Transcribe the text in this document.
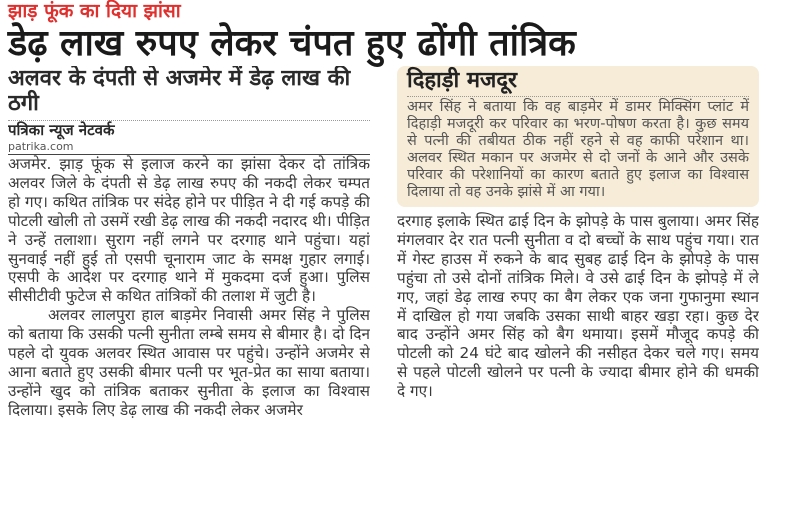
झाड़ फूंक का दिया झांसा
डेढ़ लाख रुपए लेकर चंपत हुए ढोंगी तांत्रिक
अलवर के दंपती से अजमेर में डेढ़ लाख की ठगी
पत्रिका न्यूज नेटवर्क
patrika.com

अजमेर. झाड़ फूंक से इलाज करने का झांसा देकर दो तांत्रिक अलवर जिले के दंपती से डेढ़ लाख रुपए की नकदी लेकर चम्पत हो गए। कथित तांत्रिक पर संदेह होने पर पीड़ित ने दी गई कपड़े की पोटली खोली तो उसमें रखी डेढ़ लाख की नकदी नदारद थी। पीड़ित ने उन्हें तलाशा। सुराग नहीं लगने पर दरगाह थाने पहुंचा। यहां सुनवाई नहीं हुई तो एसपी चूनाराम जाट के समक्ष गुहार लगाई। एसपी के आदेश पर दरगाह थाने में मुकदमा दर्ज हुआ। पुलिस सीसीटीवी फुटेज से कथित तांत्रिकों की तलाश में जुटी है।

अलवर लालपुरा हाल बाड़मेर निवासी अमर सिंह ने पुलिस को बताया कि उसकी पत्नी सुनीता लम्बे समय से बीमार है। दो दिन पहले दो युवक अलवर स्थित आवास पर पहुंचे। उन्होंने अजमेर से आना बताते हुए उसकी बीमार पत्नी पर भूत-प्रेत का साया बताया। उन्होंने खुद को तांत्रिक बताकर सुनीता के इलाज का विश्वास दिलाया। इसके लिए डेढ़ लाख की नकदी लेकर अजमेर

दिहाड़ी मजदूर
अमर सिंह ने बताया कि वह बाड़मेर में डामर मिक्सिंग प्लांट में दिहाड़ी मजदूरी कर परिवार का भरण-पोषण करता है। कुछ समय से पत्नी की तबीयत ठीक नहीं रहने से वह काफी परेशान था। अलवर स्थित मकान पर अजमेर से दो जनों के आने और उसके परिवार की परेशानियों का कारण बताते हुए इलाज का विश्वास दिलाया तो वह उनके झांसे में आ गया।

दरगाह इलाके स्थित ढाई दिन के झोपड़े के पास बुलाया। अमर सिंह मंगलवार देर रात पत्नी सुनीता व दो बच्चों के साथ पहुंच गया। रात में गेस्ट हाउस में रुकने के बाद सुबह ढाई दिन के झोपड़े के पास पहुंचा तो उसे दोनों तांत्रिक मिले। वे उसे ढाई दिन के झोपड़े में ले गए, जहां डेढ़ लाख रुपए का बैग लेकर एक जना गुफानुमा स्थान में दाखिल हो गया जबकि उसका साथी बाहर खड़ा रहा। कुछ देर बाद उन्होंने अमर सिंह को बैग थमाया। इसमें मौजूद कपड़े की पोटली को 24 घंटे बाद खोलने की नसीहत देकर चले गए। समय से पहले पोटली खोलने पर पत्नी के ज्यादा बीमार होने की धमकी दे गए।
